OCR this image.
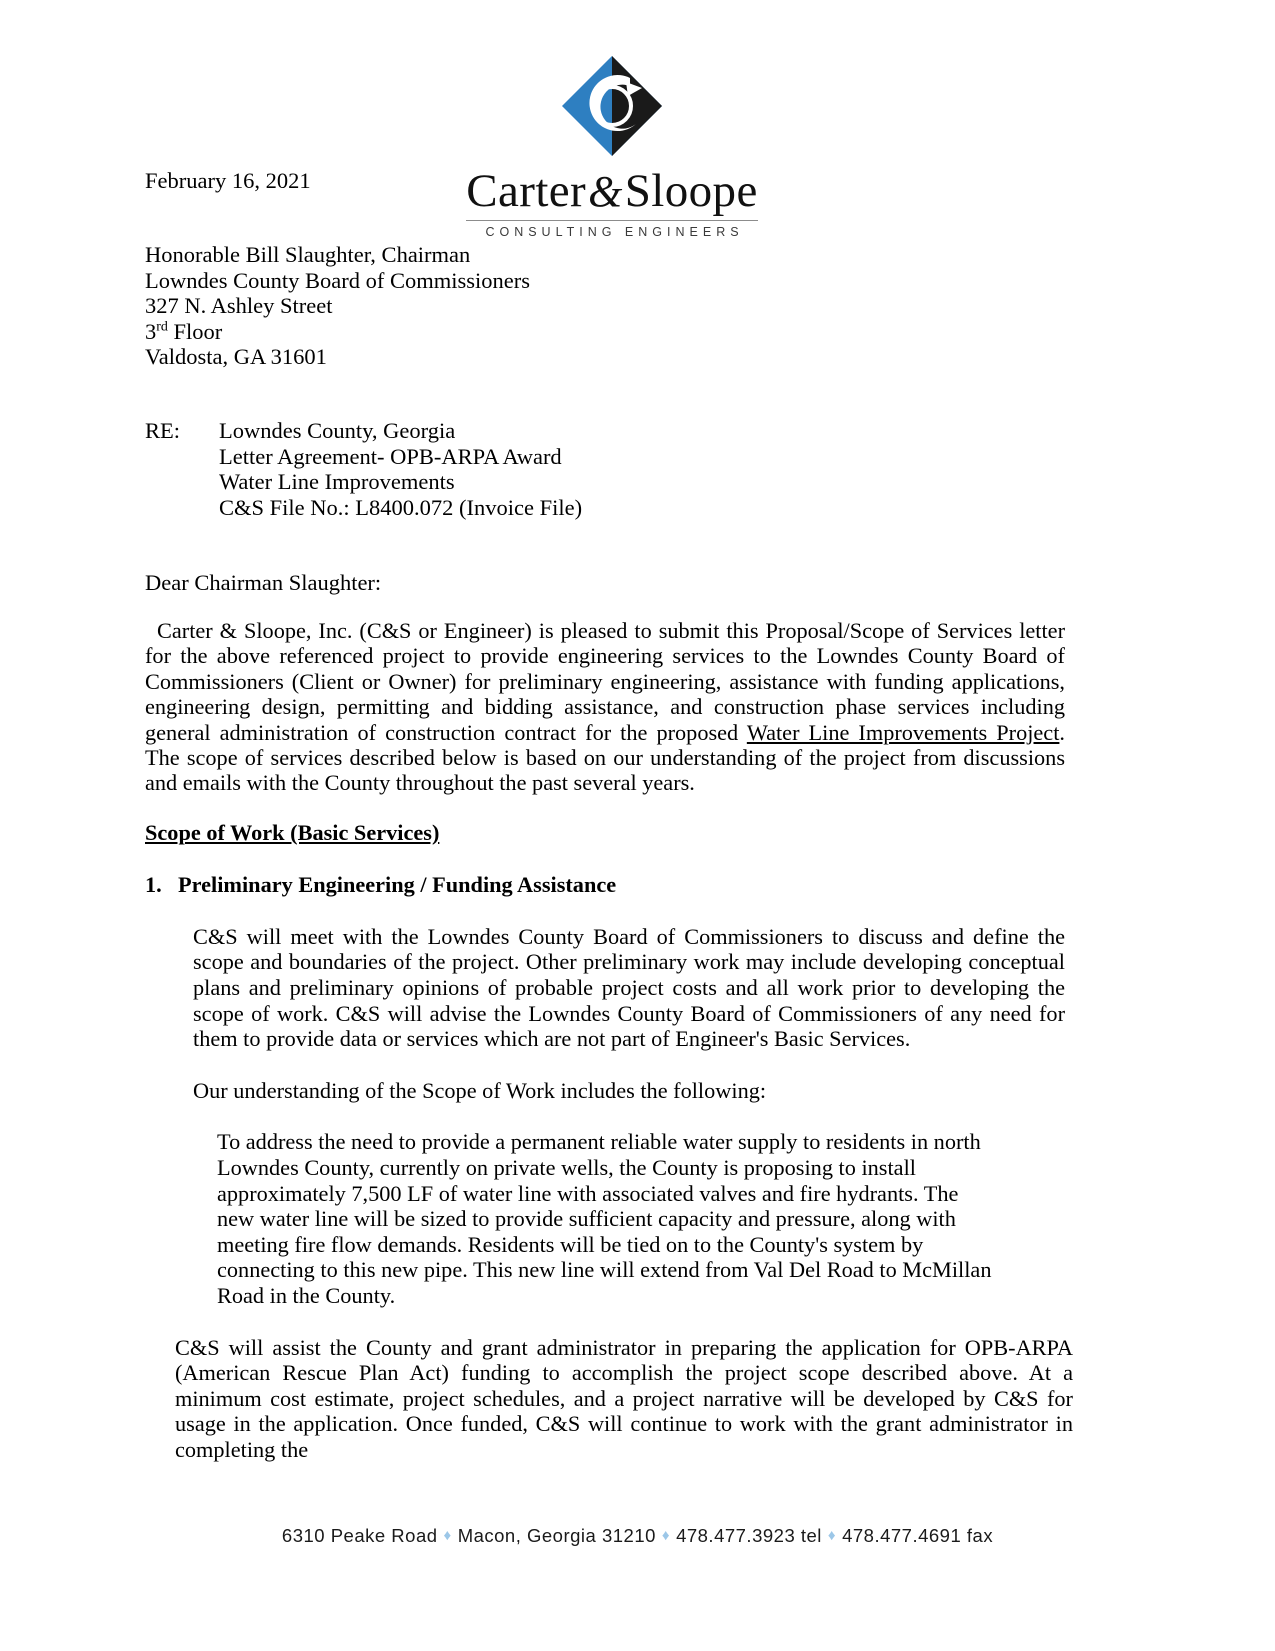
Carter&Sloope
CONSULTING ENGINEERS
February 16, 2021
Honorable Bill Slaughter, Chairman
Lowndes County Board of Commissioners
327 N. Ashley Street
3rd Floor
Valdosta, GA 31601
RE:	Lowndes County, Georgia
Letter Agreement- OPB-ARPA Award
Water Line Improvements
C&S File No.: L8400.072 (Invoice File)
Dear Chairman Slaughter:

Carter & Sloope, Inc. (C&S or Engineer) is pleased to submit this Proposal/Scope of Services letter for the above referenced project to provide engineering services to the Lowndes County Board of Commissioners (Client or Owner) for preliminary engineering, assistance with funding applications, engineering design, permitting and bidding assistance, and construction phase services including general administration of construction contract for the proposed Water Line Improvements Project. The scope of services described below is based on our understanding of the project from discussions and emails with the County throughout the past several years.

Scope of Work (Basic Services)
1. Preliminary Engineering / Funding Assistance

C&S will meet with the Lowndes County Board of Commissioners to discuss and define the scope and boundaries of the project. Other preliminary work may include developing conceptual plans and preliminary opinions of probable project costs and all work prior to developing the scope of work. C&S will advise the Lowndes County Board of Commissioners of any need for them to provide data or services which are not part of Engineer's Basic Services.

Our understanding of the Scope of Work includes the following:

To address the need to provide a permanent reliable water supply to residents in north Lowndes County, currently on private wells, the County is proposing to install approximately 7,500 LF of water line with associated valves and fire hydrants. The new water line will be sized to provide sufficient capacity and pressure, along with meeting fire flow demands. Residents will be tied on to the County's system by connecting to this new pipe. This new line will extend from Val Del Road to McMillan Road in the County.

C&S will assist the County and grant administrator in preparing the application for OPB-ARPA (American Rescue Plan Act) funding to accomplish the project scope described above. At a minimum cost estimate, project schedules, and a project narrative will be developed by C&S for usage in the application. Once funded, C&S will continue to work with the grant administrator in completing the

6310 Peake Road ♦ Macon, Georgia 31210 ♦ 478.477.3923 tel ♦ 478.477.4691 fax
